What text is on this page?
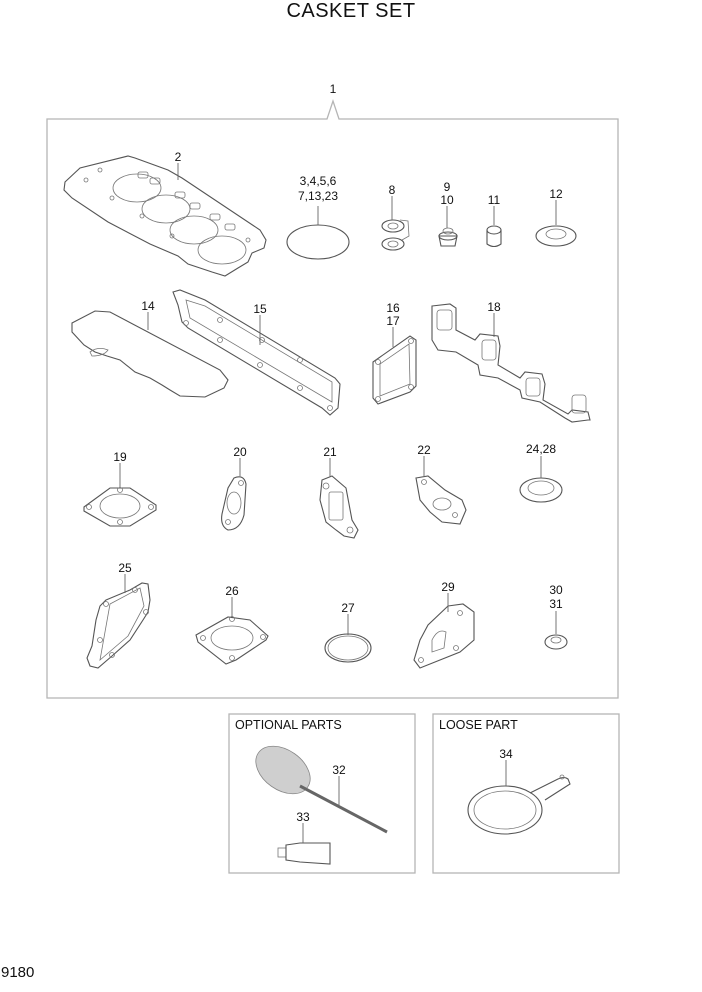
CASKET SET
1
2
3,4,5,6
7,13,23	8	9
10	11	12
14	15	16
17
18
19	20	21	22	24,28
25
26
27
29	30
31
OPTIONAL PARTS
32
33
LOOSE PART
34
9180
